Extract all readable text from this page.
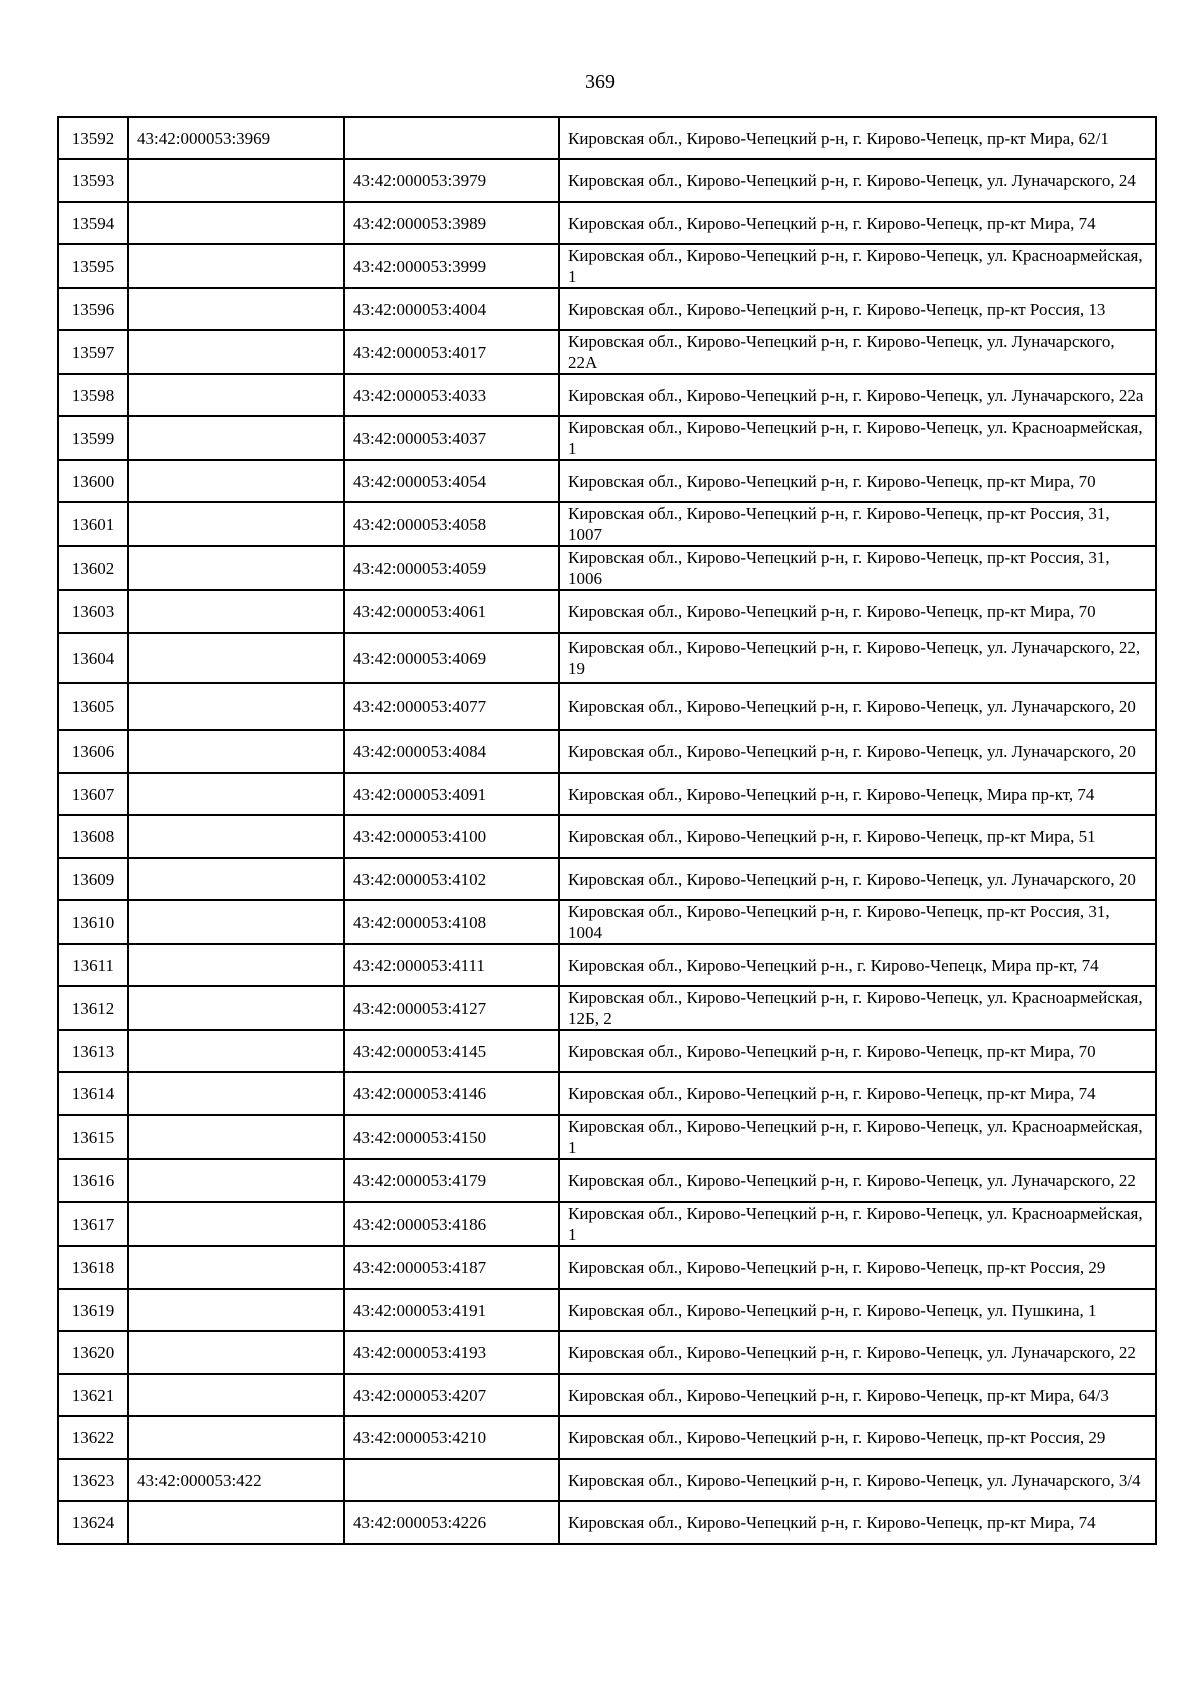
369
13592	43:42:000053:3969		Кировская обл., Кирово-Чепецкий р-н, г. Кирово-Чепецк, пр-кт Мира, 62/1
13593		43:42:000053:3979	Кировская обл., Кирово-Чепецкий р-н, г. Кирово-Чепецк, ул. Луначарского, 24
13594		43:42:000053:3989	Кировская обл., Кирово-Чепецкий р-н, г. Кирово-Чепецк, пр-кт Мира, 74
13595		43:42:000053:3999	Кировская обл., Кирово-Чепецкий р-н, г. Кирово-Чепецк, ул. Красноармейская, 1
13596		43:42:000053:4004	Кировская обл., Кирово-Чепецкий р-н, г. Кирово-Чепецк, пр-кт Россия, 13
13597		43:42:000053:4017	Кировская обл., Кирово-Чепецкий р-н, г. Кирово-Чепецк, ул. Луначарского, 22А
13598		43:42:000053:4033	Кировская обл., Кирово-Чепецкий р-н, г. Кирово-Чепецк, ул. Луначарского, 22а
13599		43:42:000053:4037	Кировская обл., Кирово-Чепецкий р-н, г. Кирово-Чепецк, ул. Красноармейская, 1
13600		43:42:000053:4054	Кировская обл., Кирово-Чепецкий р-н, г. Кирово-Чепецк, пр-кт Мира, 70
13601		43:42:000053:4058	Кировская обл., Кирово-Чепецкий р-н, г. Кирово-Чепецк, пр-кт Россия, 31, 1007
13602		43:42:000053:4059	Кировская обл., Кирово-Чепецкий р-н, г. Кирово-Чепецк, пр-кт Россия, 31, 1006
13603		43:42:000053:4061	Кировская обл., Кирово-Чепецкий р-н, г. Кирово-Чепецк, пр-кт Мира, 70
13604		43:42:000053:4069	Кировская обл., Кирово-Чепецкий р-н, г. Кирово-Чепецк, ул. Луначарского, 22, 19
13605		43:42:000053:4077	Кировская обл., Кирово-Чепецкий р-н, г. Кирово-Чепецк, ул. Луначарского, 20
13606		43:42:000053:4084	Кировская обл., Кирово-Чепецкий р-н, г. Кирово-Чепецк, ул. Луначарского, 20
13607		43:42:000053:4091	Кировская обл., Кирово-Чепецкий р-н, г. Кирово-Чепецк, Мира пр-кт, 74
13608		43:42:000053:4100	Кировская обл., Кирово-Чепецкий р-н, г. Кирово-Чепецк, пр-кт Мира, 51
13609		43:42:000053:4102	Кировская обл., Кирово-Чепецкий р-н, г. Кирово-Чепецк, ул. Луначарского, 20
13610		43:42:000053:4108	Кировская обл., Кирово-Чепецкий р-н, г. Кирово-Чепецк, пр-кт Россия, 31, 1004
13611		43:42:000053:4111	Кировская обл., Кирово-Чепецкий р-н., г. Кирово-Чепецк, Мира пр-кт, 74
13612		43:42:000053:4127	Кировская обл., Кирово-Чепецкий р-н, г. Кирово-Чепецк, ул. Красноармейская, 12Б, 2
13613		43:42:000053:4145	Кировская обл., Кирово-Чепецкий р-н, г. Кирово-Чепецк, пр-кт Мира, 70
13614		43:42:000053:4146	Кировская обл., Кирово-Чепецкий р-н, г. Кирово-Чепецк, пр-кт Мира, 74
13615		43:42:000053:4150	Кировская обл., Кирово-Чепецкий р-н, г. Кирово-Чепецк, ул. Красноармейская, 1
13616		43:42:000053:4179	Кировская обл., Кирово-Чепецкий р-н, г. Кирово-Чепецк, ул. Луначарского, 22
13617		43:42:000053:4186	Кировская обл., Кирово-Чепецкий р-н, г. Кирово-Чепецк, ул. Красноармейская, 1
13618		43:42:000053:4187	Кировская обл., Кирово-Чепецкий р-н, г. Кирово-Чепецк, пр-кт Россия, 29
13619		43:42:000053:4191	Кировская обл., Кирово-Чепецкий р-н, г. Кирово-Чепецк, ул. Пушкина, 1
13620		43:42:000053:4193	Кировская обл., Кирово-Чепецкий р-н, г. Кирово-Чепецк, ул. Луначарского, 22
13621		43:42:000053:4207	Кировская обл., Кирово-Чепецкий р-н, г. Кирово-Чепецк, пр-кт Мира, 64/3
13622		43:42:000053:4210	Кировская обл., Кирово-Чепецкий р-н, г. Кирово-Чепецк, пр-кт Россия, 29
13623	43:42:000053:422		Кировская обл., Кирово-Чепецкий р-н, г. Кирово-Чепецк, ул. Луначарского, 3/4
13624		43:42:000053:4226	Кировская обл., Кирово-Чепецкий р-н, г. Кирово-Чепецк, пр-кт Мира, 74
